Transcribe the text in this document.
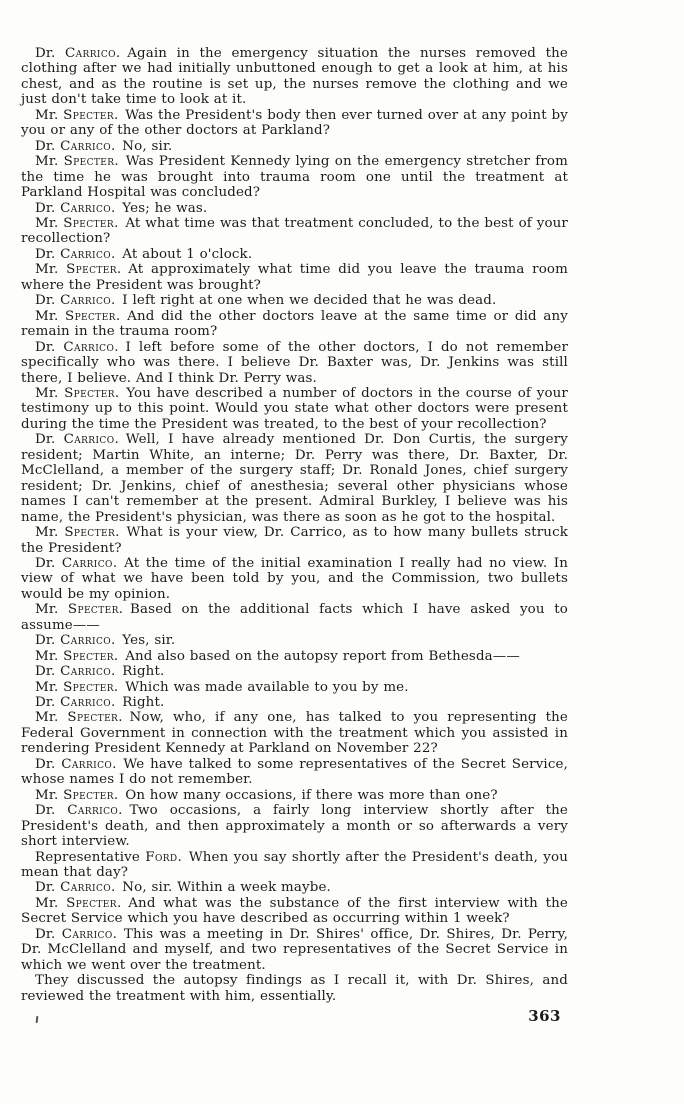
Dr. Carrico.  Again in the emergency situation the nurses removed the clothing after we had initially unbuttoned enough to get a look at him, at his chest, and as the routine is set up, the nurses remove the clothing and we just don't take time to look at it.

Mr. Specter.  Was the President's body then ever turned over at any point by you or any of the other doctors at Parkland?

Dr. Carrico.  No, sir.

Mr. Specter.  Was President Kennedy lying on the emergency stretcher from the time he was brought into trauma room one until the treatment at Parkland Hospital was concluded?

Dr. Carrico.  Yes; he was.

Mr. Specter.  At what time was that treatment concluded, to the best of your recollection?

Dr. Carrico.  At about 1 o'clock.

Mr. Specter.  At approximately what time did you leave the trauma room where the President was brought?

Dr. Carrico.  I left right at one when we decided that he was dead.

Mr. Specter.  And did the other doctors leave at the same time or did any remain in the trauma room?

Dr. Carrico.  I left before some of the other doctors, I do not remember specifically who was there. I believe Dr. Baxter was, Dr. Jenkins was still there, I believe. And I think Dr. Perry was.

Mr. Specter.  You have described a number of doctors in the course of your testimony up to this point. Would you state what other doctors were present during the time the President was treated, to the best of your recollection?

Dr. Carrico.  Well, I have already mentioned Dr. Don Curtis, the surgery resident; Martin White, an interne; Dr. Perry was there, Dr. Baxter, Dr. McClelland, a member of the surgery staff; Dr. Ronald Jones, chief surgery resident; Dr. Jenkins, chief of anesthesia; several other physicians whose names I can't remember at the present. Admiral Burkley, I believe was his name, the President's physician, was there as soon as he got to the hospital.

Mr. Specter.  What is your view, Dr. Carrico, as to how many bullets struck the President?

Dr. Carrico.  At the time of the initial examination I really had no view. In view of what we have been told by you, and the Commission, two bullets would be my opinion.

Mr. Specter.  Based on the additional facts which I have asked you to assume——

Dr. Carrico.  Yes, sir.

Mr. Specter.  And also based on the autopsy report from Bethesda——

Dr. Carrico.  Right.

Mr. Specter.  Which was made available to you by me.

Dr. Carrico.  Right.

Mr. Specter.  Now, who, if any one, has talked to you representing the Federal Government in connection with the treatment which you assisted in rendering President Kennedy at Parkland on November 22?

Dr. Carrico.  We have talked to some representatives of the Secret Service, whose names I do not remember.

Mr. Specter.  On how many occasions, if there was more than one?

Dr. Carrico.  Two occasions, a fairly long interview shortly after the President's death, and then approximately a month or so afterwards a very short interview.

Representative Ford.  When you say shortly after the President's death, you mean that day?

Dr. Carrico.  No, sir. Within a week maybe.

Mr. Specter.  And what was the substance of the first interview with the Secret Service which you have described as occurring within 1 week?

Dr. Carrico.  This was a meeting in Dr. Shires' office, Dr. Shires, Dr. Perry, Dr. McClelland and myself, and two representatives of the Secret Service in which we went over the treatment.

They discussed the autopsy findings as I recall it, with Dr. Shires, and reviewed the treatment with him, essentially.

363
